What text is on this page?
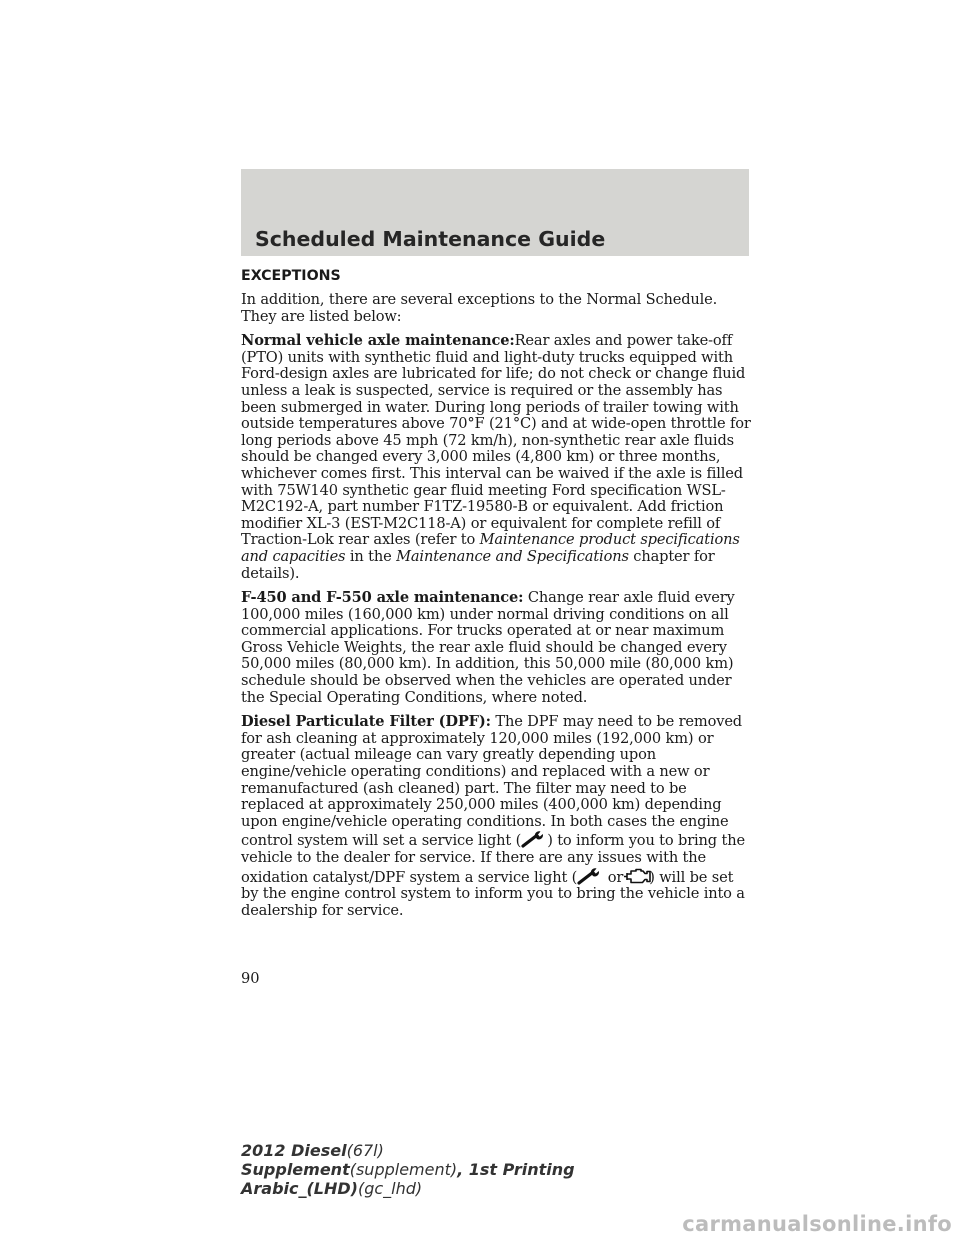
Scheduled Maintenance Guide
EXCEPTIONS

In addition, there are several exceptions to the Normal Schedule. They are listed below:

Normal vehicle axle maintenance:Rear axles and power take-off (PTO) units with synthetic fluid and light-duty trucks equipped with Ford-design axles are lubricated for life; do not check or change fluid unless a leak is suspected, service is required or the assembly has been submerged in water. During long periods of trailer towing with outside temperatures above 70°F (21°C) and at wide-open throttle for long periods above 45 mph (72 km/h), non-synthetic rear axle fluids should be changed every 3,000 miles (4,800 km) or three months, whichever comes first. This interval can be waived if the axle is filled with 75W140 synthetic gear fluid meeting Ford specification WSL-M2C192-A, part number F1TZ-19580-B or equivalent. Add friction modifier XL-3 (EST-M2C118-A) or equivalent for complete refill of Traction-Lok rear axles (refer to Maintenance product specifications and capacities in the Maintenance and Specifications chapter for details).

F-450 and F-550 axle maintenance: Change rear axle fluid every 100,000 miles (160,000 km) under normal driving conditions on all commercial applications. For trucks operated at or near maximum Gross Vehicle Weights, the rear axle fluid should be changed every 50,000 miles (80,000 km). In addition, this 50,000 mile (80,000 km) schedule should be observed when the vehicles are operated under the Special Operating Conditions, where noted.

Diesel Particulate Filter (DPF): The DPF may need to be removed for ash cleaning at approximately 120,000 miles (192,000 km) or greater (actual mileage can vary greatly depending upon engine/vehicle operating conditions) and replaced with a new or remanufactured (ash cleaned) part. The filter may need to be replaced at approximately 250,000 miles (400,000 km) depending upon engine/vehicle operating conditions. In both cases the engine control system will set a service light ( ) to inform you to bring the vehicle to the dealer for service. If there are any issues with the oxidation catalyst/DPF system a service light ( or ) will be set by the engine control system to inform you to bring the vehicle into a dealership for service.

90

2012 Diesel(67l)
Supplement(supplement), 1st Printing
Arabic_(LHD)(gc_lhd)
carmanualsonline.info
